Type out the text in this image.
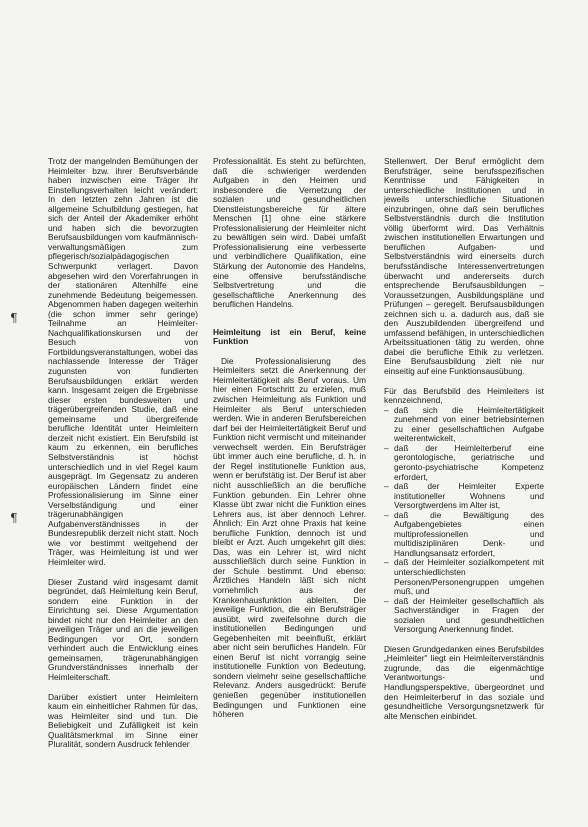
¶
¶

Trotz der mangelnden Bemühungen der Heimleiter bzw. ihrer Berufsverbände haben inzwischen eine Träger ihr Einstellungsverhalten leicht verändert: In den letzten zehn Jahren ist die allgemeine Schulbildung gestiegen, hat sich der Anteil der Akademiker erhöht und haben sich die bevorzugten Berufsausbildungen vom kaufmännisch-verwaltungsmäßigen zum pflegerisch/sozialpädagogischen Schwerpunkt verlagert. Davon abgesehen wird den Vorerfahrungen in der stationären Altenhilfe eine zunehmende Bedeutung beigemessen. Abgenommen haben dagegen weiterhin (die schon immer sehr geringe) Teilnahme an Heimleiter-Nachqualifikationskursen und der Besuch von Fortbildungsveranstaltungen, wobei das nachlassende Interesse der Träger zugunsten von fundierten Berufsausbildungen erklärt werden kann. Insgesamt zeigen die Ergebnisse dieser ersten bundesweiten und trägerübergreifenden Studie, daß eine gemeinsame und übergreifende berufliche Identität unter Heimleitern derzeit nicht existiert. Ein Berufsbild ist kaum zu erkennen, ein berufliches Selbstverständnis ist höchst unterschiedlich und in viel Regel kaum ausgeprägt. Im Gegensatz zu anderen europäischen Ländern findet eine Professionalisierung im Sinne einer Verselbständigung und einer trägerunabhängigen Aufgabenverständnisses in der Bundesrepublik derzeit nicht statt. Noch wie vor bestimmt weitgehend der Träger, was Heimleitung ist und wer Heimleiter wird.

Dieser Zustand wird insgesamt damit begründet, daß Heimleitung kein Beruf, sondern eine Funktion in der Einrichtung sei. Diese Argumentation bindet nicht nur den Heimleiter an den jeweiligen Träger und an die jeweiligen Bedingungen vor Ort, sondern verhindert auch die Entwicklung eines gemeinsamen, trägerunabhängigen Grundverständnisses innerhalb der Heimleiterschaft.

Darüber existiert unter Heimleitern kaum ein einheitlicher Rahmen für das, was Heimleiter sind und tun. Die Beliebigkeit und Zufälligkeit ist kein Qualitätsmerkmal im Sinne einer Pluralität, sondern Ausdruck fehlender

Professionalität. Es steht zu befürchten, daß die schwieriger werdenden Aufgaben in den Heimen und insbesondere die Vernetzung der sozialen und gesundheitlichen Dienstleistungsbereiche für ältere Menschen [1] ohne eine stärkere Professionalisierung der Heimleiter nicht zu bewältigen sein wird. Dabei umfaßt Professionalisierung eine verbesserte und verbindlichere Qualifikation, eine Stärkung der Autonomie des Handelns, eine offensive berufsständische Selbstvertretung und die gesellschaftliche Anerkennung des beruflichen Handelns.

Heimleitung ist ein Beruf, keine Funktion

Die Professionalisierung des Heimleiters setzt die Anerkennung der Heimleitertätigkeit als Beruf voraus. Um hier einen Fortschritt zu erzielen, muß zwischen Heimleitung als Funktion und Heimleiter als Beruf unterschieden werden. Wie in anderen Berufsbereichen darf bei der Heimleitertätigkeit Beruf und Funktion nicht vermischt und miteinander verwechselt werden. Ein Berufsträger übt immer auch eine berufliche, d. h. in der Regel institutionelle Funktion aus, wenn er berufstätig ist. Der Beruf ist aber nicht ausschließlich an die berufliche Funktion gebunden. Ein Lehrer ohne Klasse übt zwar nicht die Funktion eines Lehrers aus, ist aber dennoch Lehrer. Ähnlich: Ein Arzt ohne Praxis hat keine berufliche Funktion, dennoch ist und bleibt er Arzt. Auch umgekehrt gilt dies: Das, was ein Lehrer ist, wird nicht ausschließlich durch seine Funktion in der Schule bestimmt. Und ebenso: Ärztliches Handeln läßt sich nicht vornehmlich aus der Krankenhausfunktion ableiten. Die jeweilige Funktion, die ein Berufsträger ausübt, wird zweifelsohne durch die institutionellen Bedingungen und Gegebenheiten mit beeinflußt, erklärt aber nicht sein berufliches Handeln. Für einen Beruf ist nicht vorrangig seine institutionelle Funktion von Bedeutung, sondern vielmehr seine gesellschaftliche Relevanz. Anders ausgedrückt: Berufe genießen gegenüber institutionellen Bedingungen und Funktionen eine höheren

Stellenwert. Der Beruf ermöglicht dem Berufsträger, seine berufsspezifischen Kenntnisse und Fähigkeiten in unterschiedliche Institutionen und in jeweils unterschiedliche Situationen einzubringen, ohne daß sein berufliches Selbstverständnis durch die Institution völlig überformt wird. Das Verhältnis zwischen institutionellen Erwartungen und beruflichen Aufgaben- und Selbstverständnis wird einerseits durch berufsständische Interessenvertretungen überwacht und andererseits durch entsprechende Berufsausbildungen – Voraussetzungen, Ausbildungspläne und Prüfungen – geregelt. Berufsausbildungen zeichnen sich u. a. dadurch aus, daß sie den Auszubildenden übergreifend und umfassend befähigen, in unterschiedlichen Arbeitssituationen tätig zu werden, ohne dabei die berufliche Ethik zu verletzen. Eine Berufsausbildung zielt nie nur einseitig auf eine Funktionsausübung.

Für das Berufsbild des Heimleiters ist kennzeichnend,

– daß sich die Heimleitertätigkeit zunehmend von einer betriebsinternen zu einer gesellschaftlichen Aufgabe weiterentwickelt,
– daß der Heimleiterberuf eine gerontologische, geriatrische und geronto-psychiatrische Kompetenz erfordert,
– daß der Heimleiter Experte institutioneller Wohnens und Versorgtwerdens im Alter ist,
– daß die Bewältigung des Aufgabengebietes einen multiprofessionellen und multidisziplinären Denk- und Handlungsansatz erfordert,
– daß der Heimleiter sozialkompetent mit unterschiedlichsten Personen/Personengruppen umgehen muß, und
– daß der Heimleiter gesellschaftlich als Sachverständiger in Fragen der sozialen und gesundheitlichen Versorgung Anerkennung findet.

Diesen Grundgedanken eines Berufsbildes „Heimleiter" liegt ein Heimleiterverständnis zugrunde, das die eigenmächtige Verantwortungs- und Handlungsperspektive, übergeordnet und den Heimleiterberuf in das soziale und gesundheitliche Versorgungsnetzwerk für alte Menschen einbindet.
